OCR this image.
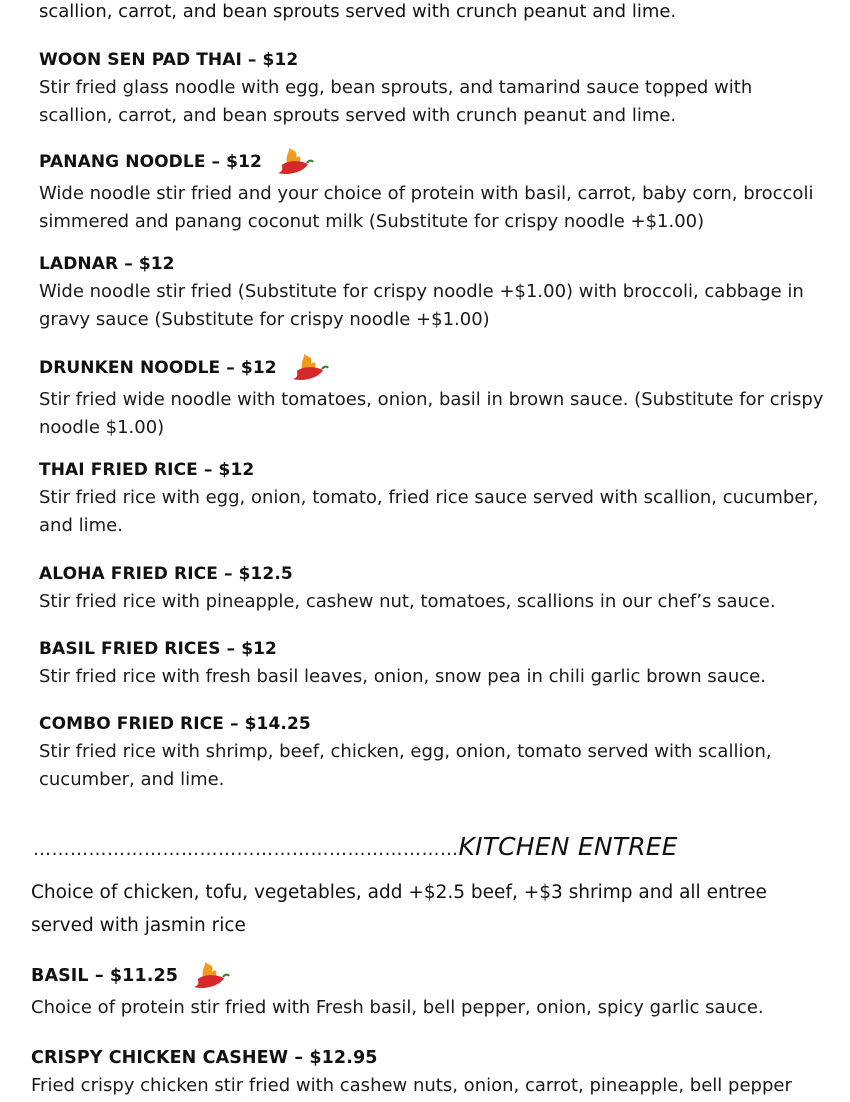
scallion, carrot, and bean sprouts served with crunch peanut and lime.
WOON SEN PAD THAI – $12
Stir fried glass noodle with egg, bean sprouts, and tamarind sauce topped with scallion, carrot, and bean sprouts served with crunch peanut and lime.
PANANG NOODLE – $12
Wide noodle stir fried and your choice of protein with basil, carrot, baby corn, broccoli simmered and panang coconut milk (Substitute for crispy noodle +$1.00)
LADNAR – $12
Wide noodle stir fried (Substitute for crispy noodle +$1.00) with broccoli, cabbage in gravy sauce (Substitute for crispy noodle +$1.00)
DRUNKEN NOODLE – $12
Stir fried wide noodle with tomatoes, onion, basil in brown sauce. (Substitute for crispy noodle $1.00)
THAI FRIED RICE – $12
Stir fried rice with egg, onion, tomato, fried rice sauce served with scallion, cucumber, and lime.
ALOHA FRIED RICE – $12.5
Stir fried rice with pineapple, cashew nut, tomatoes, scallions in our chef’s sauce.
BASIL FRIED RICES – $12
Stir fried rice with fresh basil leaves, onion, snow pea in chili garlic brown sauce.
COMBO FRIED RICE – $14.25
Stir fried rice with shrimp, beef, chicken, egg, onion, tomato served with scallion, cucumber, and lime.
……………………………………………………………KITCHEN ENTREE
Choice of chicken, tofu, vegetables, add +$2.5 beef, +$3 shrimp and all entree served with jasmin rice
BASIL – $11.25
Choice of protein stir fried with Fresh basil, bell pepper, onion, spicy garlic sauce.
CRISPY CHICKEN CASHEW – $12.95
Fried crispy chicken stir fried with cashew nuts, onion, carrot, pineapple, bell pepper
